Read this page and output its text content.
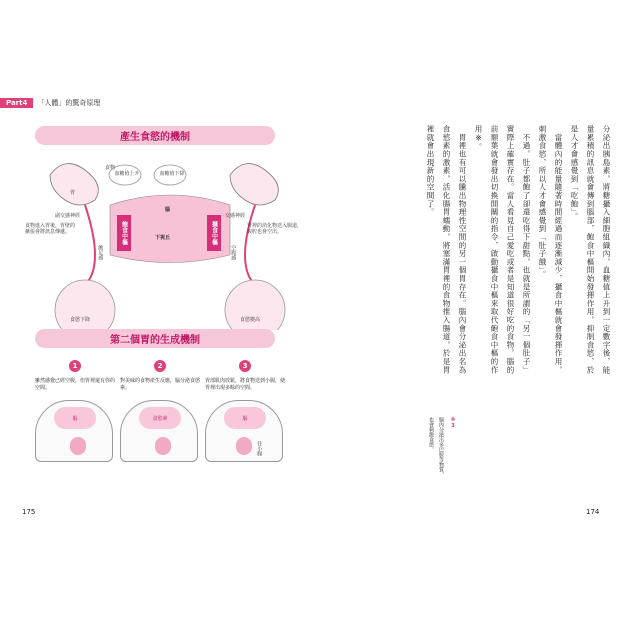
Part4	「人體」的驚奇原理
產生食慾的機制
食物
胃
副交感神經	交感神經
血糖值上升	血糖值下降
食物進入胃後，胃壁的擴張會將訊息傳遞。
胃裡的消化物送入腸道，腹腔也會空出。
腦
飽食中樞	攝食中樞
下視丘
飽足感	空腹感
食慾下降	食慾變高
第二個胃的生成機制
1
雖然感覺已經空腹，但胃裡還有你的空間。
腦
2
對美味的食物產生反應，腦分泌食慾素。
食慾素
3
胃部肌肉放鬆，將食物送到小腸，使胃裡出現多餘的空間。
腦
往小腸
175
分泌出胰島素，將糖攝入細胞組織內，血糖值上升到一定數字後，能
量累積的訊息就會傳到腦部，飽食中樞開始發揮作用，抑制食慾，於
是人才會感覺到「吃飽」。
　當體內的能量隨著時間經過而逐漸減少，攝食中樞就會發揮作用，
刺激食慾，所以人才會感覺到「肚子餓」。
　不過，肚子都飽了卻還吃得下甜點，也就是所謂的「另一個肚子」
實際上確實存在。當人看見自己愛吃或者是知道很好吃的食物，腦的
前額葉就會發出切換開關的指令，啟動攝食中樞來取代飽食中樞的作
用※。
　胃裡也有可以騰出物理性空間的另一個胃存在。腦內會分泌出名為
食慾素的激素，活化腸胃蠕動，將塞滿胃裡的食物推入腸道，於是胃
裡就會出現新的空間了。
※3
腦內分泌出多巴胺等物質，
也會刺激食慾。
174
